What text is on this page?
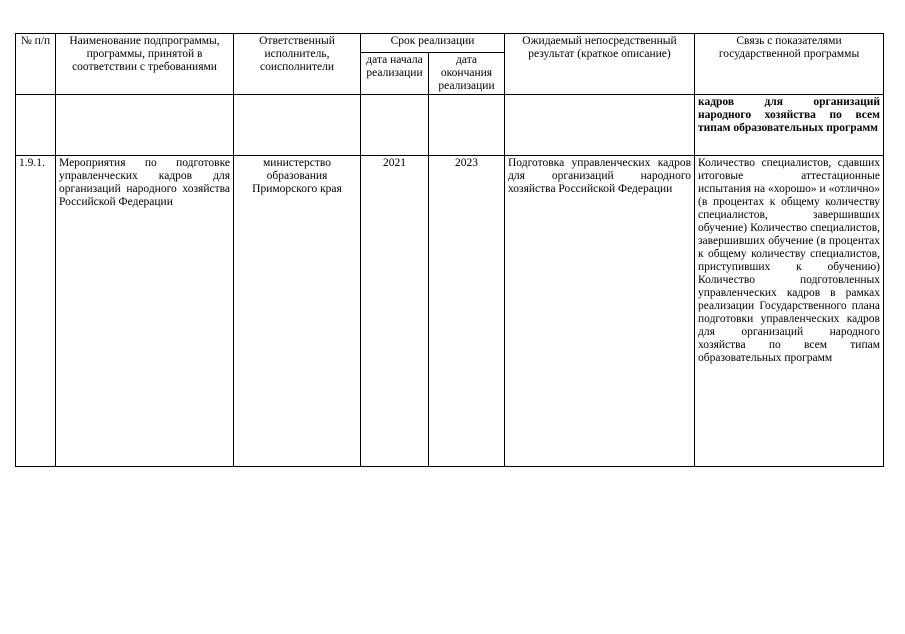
№ п/п	Наименование подпрограммы, программы, принятой в соответствии с требованиями	Ответственный исполнитель, соисполнители	Срок реализации		Ожидаемый непосредственный результат (краткое описание)	Связь с показателями государственной программы
			дата начала реализации	дата окончания реализации		
						кадров для организаций народного хозяйства по всем типам образовательных программ
1.9.1.	Мероприятия по подготовке управленческих кадров для организаций народного хозяйства Российской Федерации	министерство образования Приморского края	2021	2023	Подготовка управленческих кадров для организаций народного хозяйства Российской Федерации	Количество специалистов, сдавших итоговые аттестационные испытания на «хорошо» и «отлично» (в процентах к общему количеству специалистов, завершивших обучение) Количество специалистов, завершивших обучение (в процентах к общему количеству специалистов, приступивших к обучению) Количество подготовленных управленческих кадров в рамках реализации Государственного плана подготовки управленческих кадров для организаций народного хозяйства по всем типам образовательных программ
